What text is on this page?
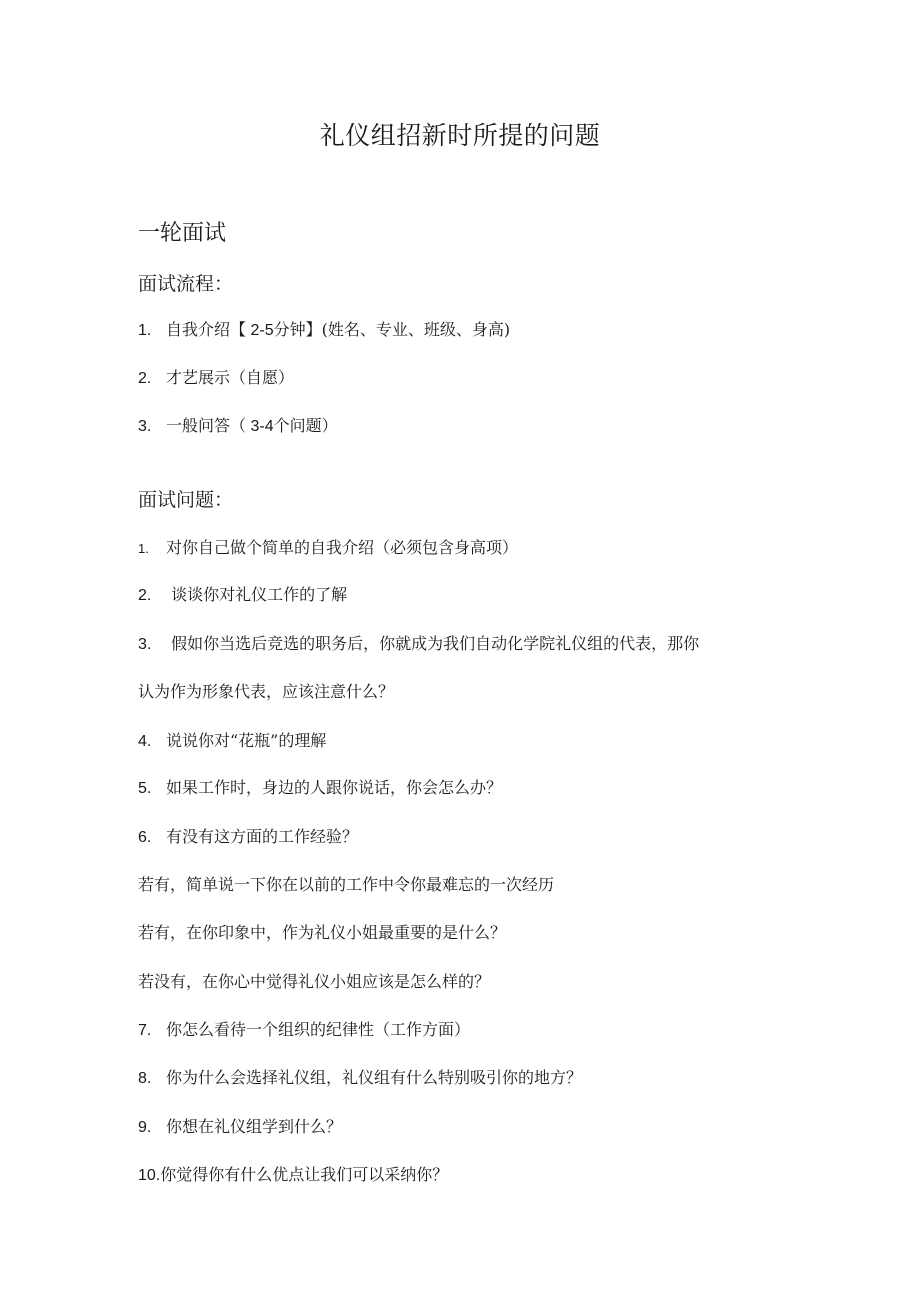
礼仪组招新时所提的问题
一轮面试
面试流程：
1. 自我介绍【 2-5分钟】(姓名、专业、班级、身高)
2. 才艺展示（自愿）
3. 一般问答（ 3-4个问题）
面试问题：
1. 对你自己做个简单的自我介绍（必须包含身高项）
2. 谈谈你对礼仪工作的了解
3. 假如你当选后竞选的职务后，你就成为我们自动化学院礼仪组的代表，那你
认为作为形象代表，应该注意什么？
4. 说说你对“花瓶”的理解
5. 如果工作时，身边的人跟你说话，你会怎么办？
6. 有没有这方面的工作经验？
若有，简单说一下你在以前的工作中令你最难忘的一次经历
若有，在你印象中，作为礼仪小姐最重要的是什么？
若没有，在你心中觉得礼仪小姐应该是怎么样的？
7. 你怎么看待一个组织的纪律性（工作方面）
8. 你为什么会选择礼仪组，礼仪组有什么特别吸引你的地方？
9. 你想在礼仪组学到什么？
10.你觉得你有什么优点让我们可以采纳你？
